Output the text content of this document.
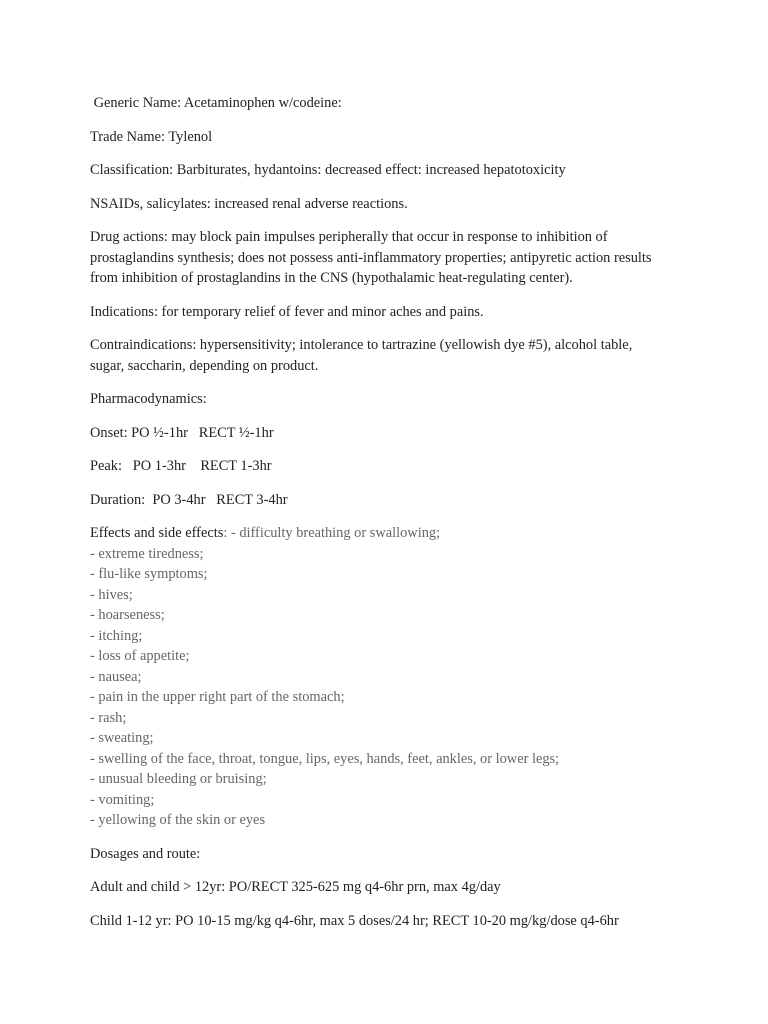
Generic Name: Acetaminophen w/codeine:

Trade Name: Tylenol

Classification: Barbiturates, hydantoins: decreased effect: increased hepatotoxicity

NSAIDs, salicylates: increased renal adverse reactions.

Drug actions: may block pain impulses peripherally that occur in response to inhibition of prostaglandins synthesis; does not possess anti-inflammatory properties; antipyretic action results from inhibition of prostaglandins in the CNS (hypothalamic heat-regulating center).

Indications: for temporary relief of fever and minor aches and pains.

Contraindications: hypersensitivity; intolerance to tartrazine (yellowish dye #5), alcohol table, sugar, saccharin, depending on product.

Pharmacodynamics:

Onset: PO ½-1hr   RECT ½-1hr

Peak:   PO 1-3hr    RECT 1-3hr

Duration:  PO 3-4hr   RECT 3-4hr

Effects and side effects: - difficulty breathing or swallowing;

- extreme tiredness;
- flu-like symptoms;
- hives;
- hoarseness;
- itching;
- loss of appetite;
- nausea;
- pain in the upper right part of the stomach;
- rash;
- sweating;
- swelling of the face, throat, tongue, lips, eyes, hands, feet, ankles, or lower legs;
- unusual bleeding or bruising;
- vomiting;
- yellowing of the skin or eyes

Dosages and route:

Adult and child > 12yr: PO/RECT 325-625 mg q4-6hr prn, max 4g/day

Child 1-12 yr: PO 10-15 mg/kg q4-6hr, max 5 doses/24 hr; RECT 10-20 mg/kg/dose q4-6hr
